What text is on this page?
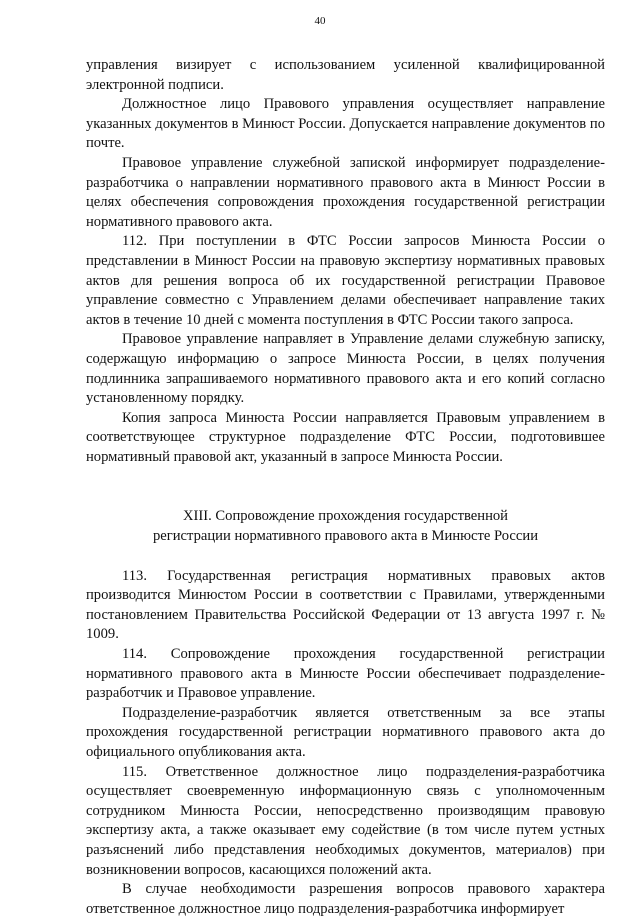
40

управления визирует с использованием усиленной квалифицированной электронной подписи.

Должностное лицо Правового управления осуществляет направление указанных документов в Минюст России. Допускается направление документов по почте.

Правовое управление служебной запиской информирует подразделение-разработчика о направлении нормативного правового акта в Минюст России в целях обеспечения сопровождения прохождения государственной регистрации нормативного правового акта.

112. При поступлении в ФТС России запросов Минюста России о представлении в Минюст России на правовую экспертизу нормативных правовых актов для решения вопроса об их государственной регистрации Правовое управление совместно с Управлением делами обеспечивает направление таких актов в течение 10 дней с момента поступления в ФТС России такого запроса.

Правовое управление направляет в Управление делами служебную записку, содержащую информацию о запросе Минюста России, в целях получения подлинника запрашиваемого нормативного правового акта и его копий согласно установленному порядку.

Копия запроса Минюста России направляется Правовым управлением в соответствующее структурное подразделение ФТС России, подготовившее нормативный правовой акт, указанный в запросе Минюста России.

XIII. Сопровождение прохождения государственной

регистрации нормативного правового акта в Минюсте России

113. Государственная регистрация нормативных правовых актов производится Минюстом России в соответствии с Правилами, утвержденными постановлением Правительства Российской Федерации от 13 августа 1997 г. № 1009.

114. Сопровождение прохождения государственной регистрации нормативного правового акта в Минюсте России обеспечивает подразделение-разработчик и Правовое управление.

Подразделение-разработчик является ответственным за все этапы прохождения государственной регистрации нормативного правового акта до официального опубликования акта.

115. Ответственное должностное лицо подразделения-разработчика осуществляет своевременную информационную связь с уполномоченным сотрудником Минюста России, непосредственно производящим правовую экспертизу акта, а также оказывает ему содействие (в том числе путем устных разъяснений либо представления необходимых документов, материалов) при возникновении вопросов, касающихся положений акта.

В случае необходимости разрешения вопросов правового характера ответственное должностное лицо подразделения-разработчика информирует
